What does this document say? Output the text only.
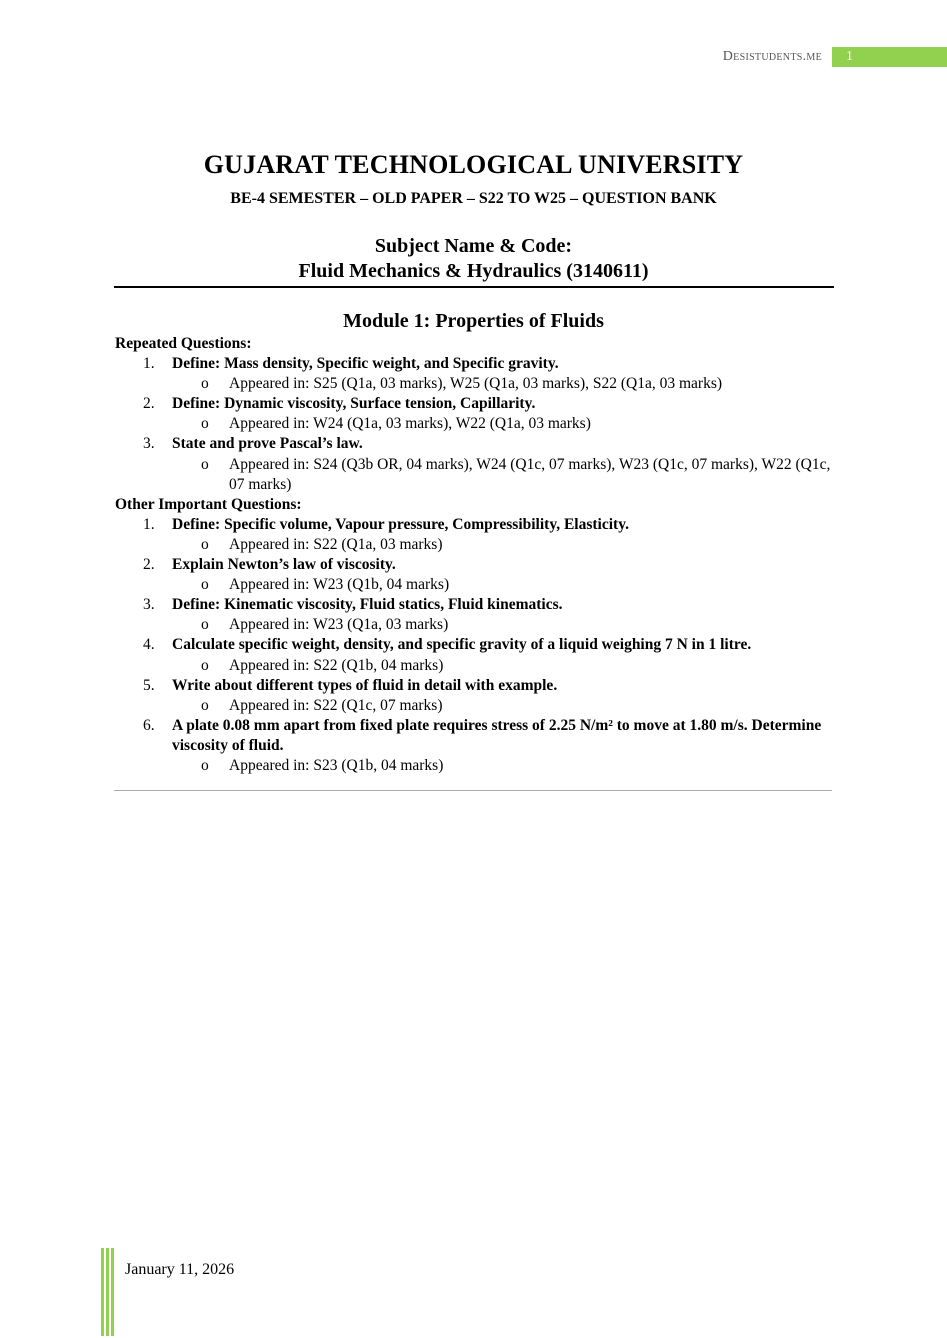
Desistudents.me	1
GUJARAT TECHNOLOGICAL UNIVERSITY
BE-4 SEMESTER – OLD PAPER – S22 TO W25 – QUESTION BANK
Subject Name & Code:
Fluid Mechanics & Hydraulics (3140611)
Module 1: Properties of Fluids
Repeated Questions:
1. Define: Mass density, Specific weight, and Specific gravity.
o Appeared in: S25 (Q1a, 03 marks), W25 (Q1a, 03 marks), S22 (Q1a, 03 marks)
2. Define: Dynamic viscosity, Surface tension, Capillarity.
o Appeared in: W24 (Q1a, 03 marks), W22 (Q1a, 03 marks)
3. State and prove Pascal’s law.
o Appeared in: S24 (Q3b OR, 04 marks), W24 (Q1c, 07 marks), W23 (Q1c, 07 marks), W22 (Q1c, 07 marks)
Other Important Questions:
1. Define: Specific volume, Vapour pressure, Compressibility, Elasticity.
o Appeared in: S22 (Q1a, 03 marks)
2. Explain Newton’s law of viscosity.
o Appeared in: W23 (Q1b, 04 marks)
3. Define: Kinematic viscosity, Fluid statics, Fluid kinematics.
o Appeared in: W23 (Q1a, 03 marks)
4. Calculate specific weight, density, and specific gravity of a liquid weighing 7 N in 1 litre.
o Appeared in: S22 (Q1b, 04 marks)
5. Write about different types of fluid in detail with example.
o Appeared in: S22 (Q1c, 07 marks)
6. A plate 0.08 mm apart from fixed plate requires stress of 2.25 N/m² to move at 1.80 m/s. Determine viscosity of fluid.
o Appeared in: S23 (Q1b, 04 marks)
January 11, 2026
